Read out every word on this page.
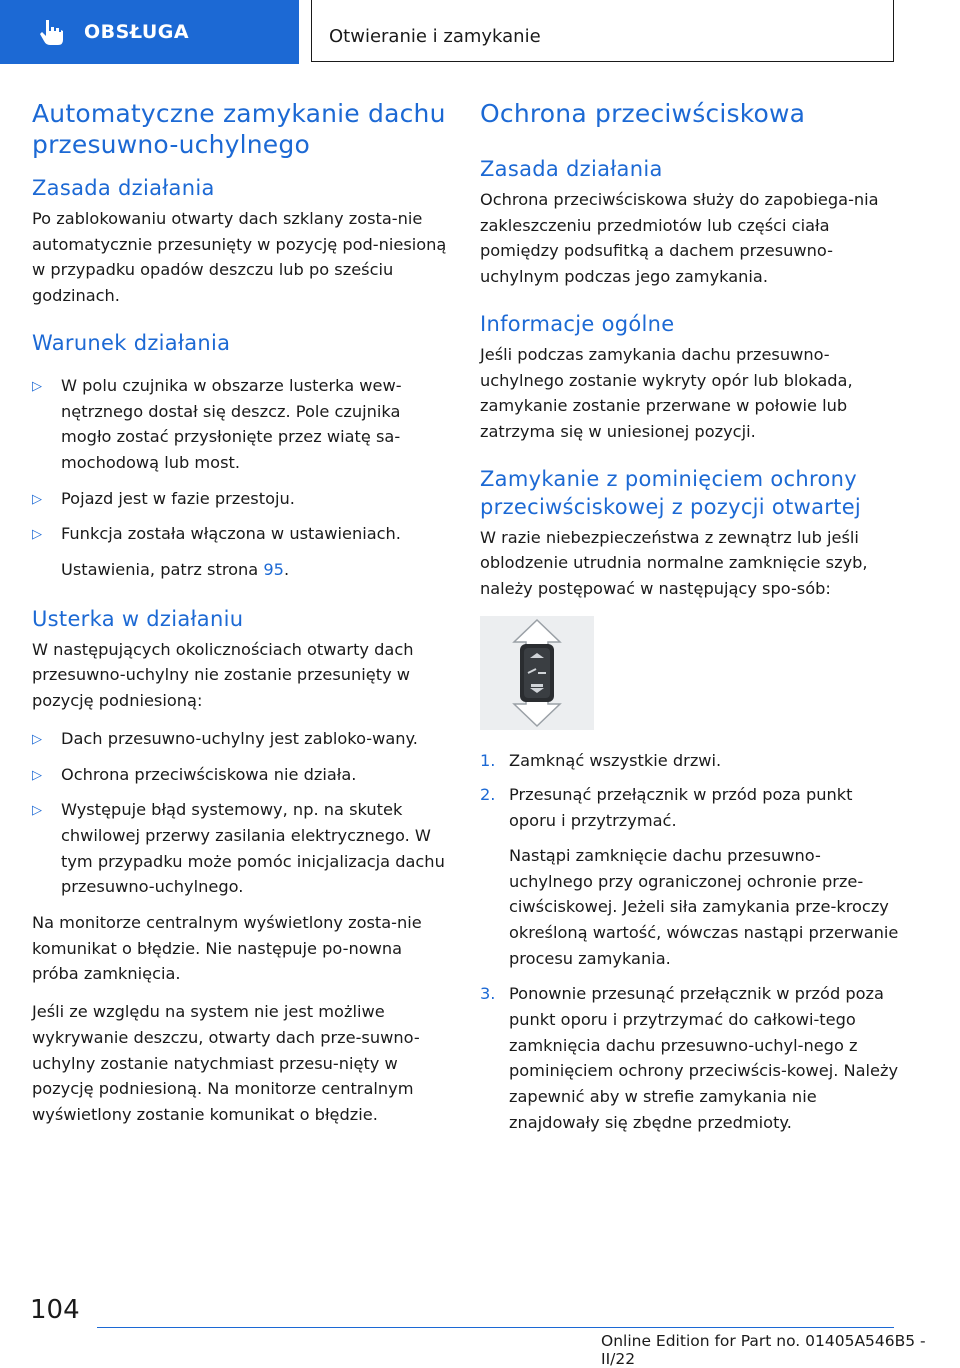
OBSŁUGA	Otwieranie i zamykanie
Automatyczne zamykanie dachu przesuwno-uchylnego
Zasada działania

Po zablokowaniu otwarty dach szklany zosta-nie automatycznie przesunięty w pozycję pod-niesioną w przypadku opadów deszczu lub po sześciu godzinach.

Warunek działania
▷ W polu czujnika w obszarze lusterka wew-nętrznego dostał się deszcz. Pole czujnika mogło zostać przysłonięte przez wiatę sa-mochodową lub most.
▷ Pojazd jest w fazie przestoju.
▷ Funkcja została włączona w ustawieniach.
Ustawienia, patrz strona 95.
Usterka w działaniu

W następujących okolicznościach otwarty dach przesuwno-uchylny nie zostanie przesunięty w pozycję podniesioną:

▷ Dach przesuwno-uchylny jest zabloko-wany.
▷ Ochrona przeciwściskowa nie działa.
▷ Występuje błąd systemowy, np. na skutek chwilowej przerwy zasilania elektrycznego. W tym przypadku może pomóc inicjalizacja dachu przesuwno-uchylnego.

Na monitorze centralnym wyświetlony zosta-nie komunikat o błędzie. Nie następuje po-nowna próba zamknięcia.

Jeśli ze względu na system nie jest możliwe wykrywanie deszczu, otwarty dach prze-suwno-uchylny zostanie natychmiast przesu-nięty w pozycję podniesioną. Na monitorze centralnym wyświetlony zostanie komunikat o błędzie.

Ochrona przeciwściskowa
Zasada działania

Ochrona przeciwściskowa służy do zapobiega-nia zakleszczeniu przedmiotów lub części ciała pomiędzy podsufitką a dachem przesuwno-uchylnym podczas jego zamykania.

Informacje ogólne

Jeśli podczas zamykania dachu przesuwno-uchylnego zostanie wykryty opór lub blokada, zamykanie zostanie przerwane w połowie lub zatrzyma się w uniesionej pozycji.

Zamykanie z pominięciem ochrony przeciwściskowej z pozycji otwartej

W razie niebezpieczeństwa z zewnątrz lub jeśli oblodzenie utrudnia normalne zamknięcie szyb, należy postępować w następujący spo-sób:

1. Zamknąć wszystkie drzwi.
2. Przesunąć przełącznik w przód poza punkt oporu i przytrzymać.
Nastąpi zamknięcie dachu przesuwno-uchylnego przy ograniczonej ochronie prze-ciwściskowej. Jeżeli siła zamykania prze-kroczy określoną wartość, wówczas nastąpi przerwanie procesu zamykania.
3. Ponownie przesunąć przełącznik w przód poza punkt oporu i przytrzymać do całkowi-tego zamknięcia dachu przesuwno-uchyl-nego z pominięciem ochrony przeciwścis-kowej. Należy zapewnić aby w strefie zamykania nie znajdowały się zbędne przedmioty.
104
Online Edition for Part no. 01405A546B5 - II/22
